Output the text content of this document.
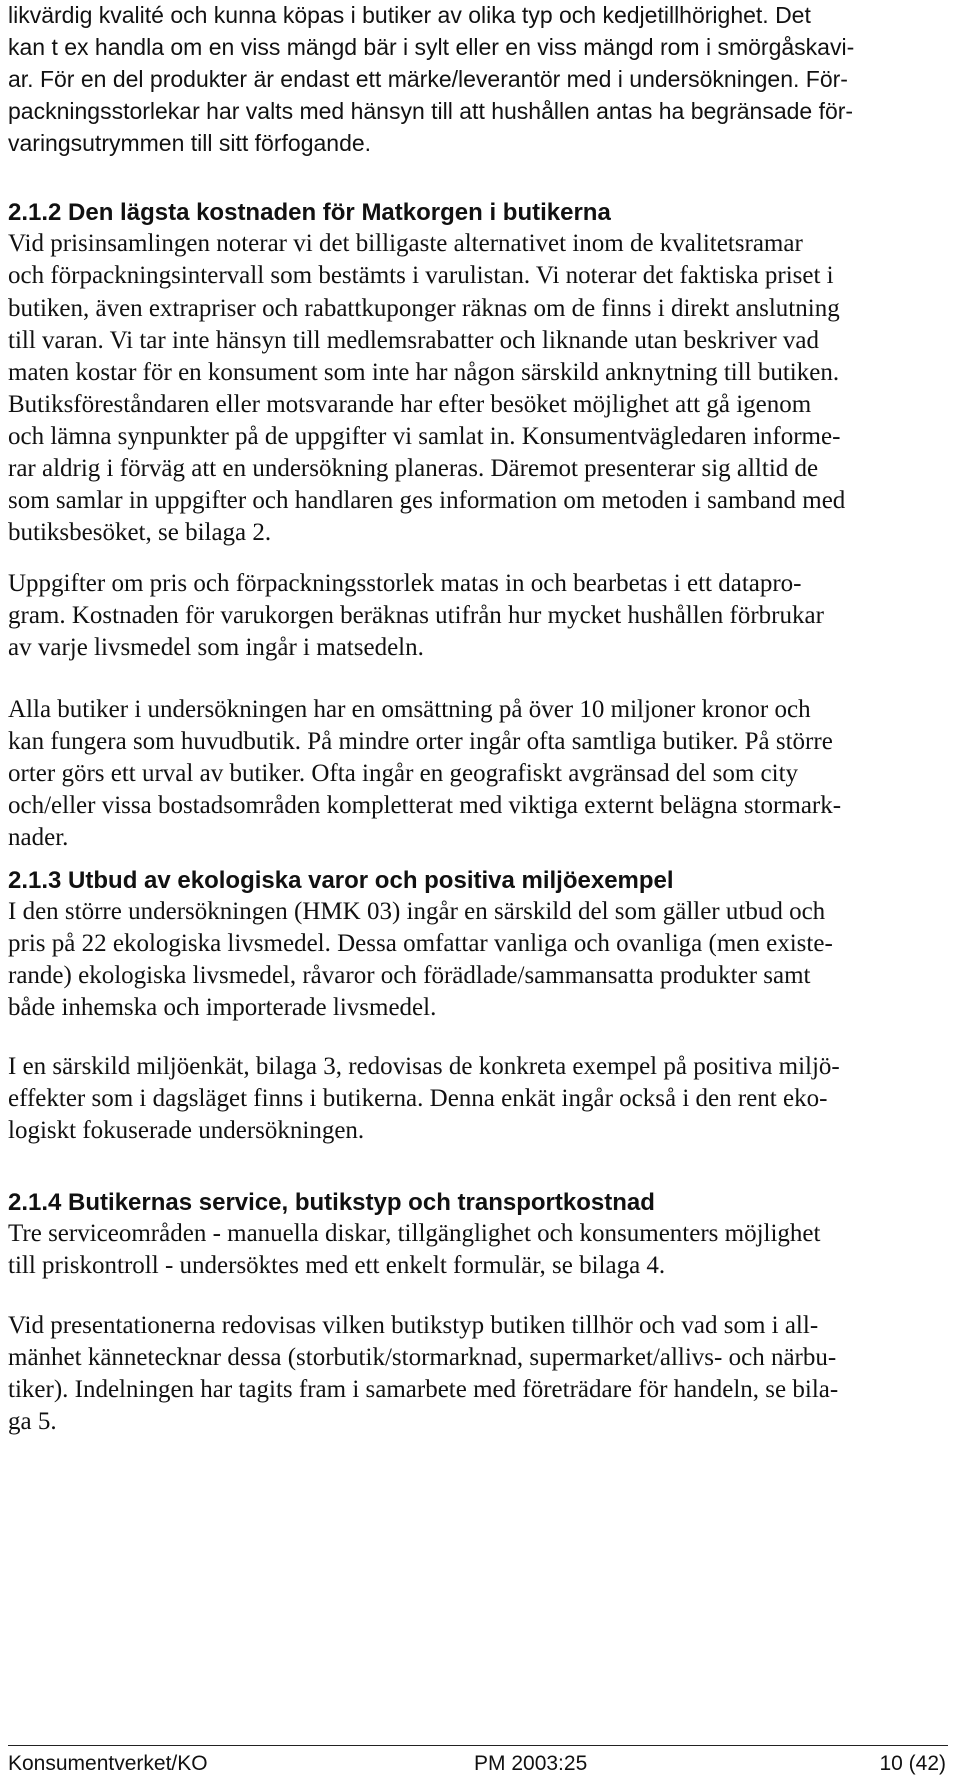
likvärdig kvalité och kunna köpas i butiker av olika typ och kedjetillhörighet. Det
kan t ex handla om en viss mängd bär i sylt eller en viss mängd rom i smörgåskavi-
ar. För en del produkter är endast ett märke/leverantör med i undersökningen. För-
packningsstorlekar har valts med hänsyn till att hushållen antas ha begränsade för-
varingsutrymmen till sitt förfogande.
2.1.2 Den lägsta kostnaden för Matkorgen i butikerna
Vid prisinsamlingen noterar vi det billigaste alternativet inom de kvalitetsramar
och förpackningsintervall som bestämts i varulistan. Vi noterar det faktiska priset i
butiken, även extrapriser och rabattkuponger räknas om de finns i direkt anslutning
till varan. Vi tar inte hänsyn till medlemsrabatter och liknande utan beskriver vad
maten kostar för en konsument som inte har någon särskild anknytning till butiken.
Butiksföreståndaren eller motsvarande har efter besöket möjlighet att gå igenom
och lämna synpunkter på de uppgifter vi samlat in. Konsumentvägledaren informe-
rar aldrig i förväg att en undersökning planeras. Däremot presenterar sig alltid de
som samlar in uppgifter och handlaren ges information om metoden i samband med
butiksbesöket, se bilaga 2.
Uppgifter om pris och förpackningsstorlek matas in och bearbetas i ett datapro-
gram. Kostnaden för varukorgen beräknas utifrån hur mycket hushållen förbrukar
av varje livsmedel som ingår i matsedeln.
Alla butiker i undersökningen har en omsättning på över 10 miljoner kronor och
kan fungera som huvudbutik. På mindre orter ingår ofta samtliga butiker. På större
orter görs ett urval av butiker. Ofta ingår en geografiskt avgränsad del som city
och/eller vissa bostadsområden kompletterat med viktiga externt belägna stormark-
nader.
2.1.3 Utbud av ekologiska varor och positiva miljöexempel
I den större undersökningen (HMK 03) ingår en särskild del som gäller utbud och
pris på 22 ekologiska livsmedel. Dessa omfattar vanliga och ovanliga (men existe-
rande) ekologiska livsmedel, råvaror och förädlade/sammansatta produkter samt
både inhemska och importerade livsmedel.
I en särskild miljöenkät, bilaga 3, redovisas de konkreta exempel på positiva miljö-
effekter som i dagsläget finns i butikerna. Denna enkät ingår också i den rent eko-
logiskt fokuserade undersökningen.
2.1.4 Butikernas service, butikstyp och transportkostnad
Tre serviceområden - manuella diskar, tillgänglighet och konsumenters möjlighet
till priskontroll - undersöktes med ett enkelt formulär, se bilaga 4.
Vid presentationerna redovisas vilken butikstyp butiken tillhör och vad som i all-
mänhet kännetecknar dessa (storbutik/stormarknad, supermarket/allivs- och närbu-
tiker). Indelningen har tagits fram i samarbete med företrädare för handeln, se bila-
ga 5.
Konsumentverket/KO	PM 2003:25	10 (42)
